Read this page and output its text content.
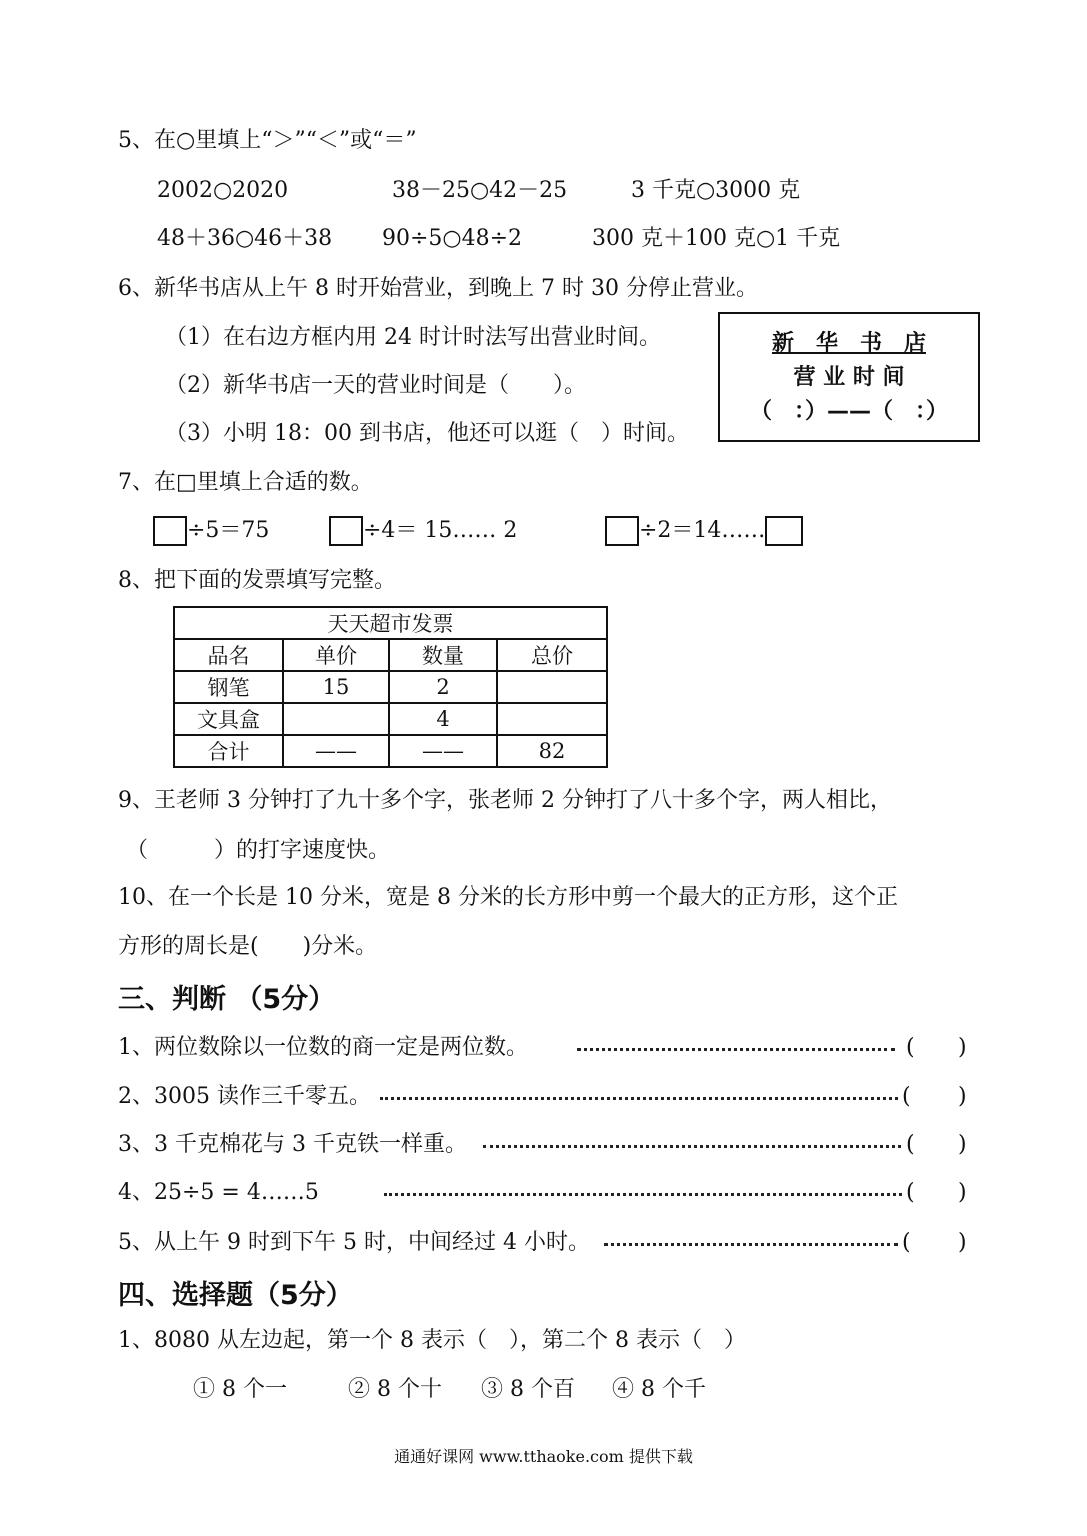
5、在○里填上“＞”“＜”或“＝”
2002○2020	38－25○42－25	3 千克○3000 克
48＋36○46＋38 90÷5○48÷2	300 克＋100 克○1 千克
6、新华书店从上午 8 时开始营业，到晚上 7 时 30 分停止营业。
（1）在右边方框内用 24 时计时法写出营业时间。
（2）新华书店一天的营业时间是（　　）。
（3）小明 18：00 到书店，他还可以逛（　）时间。
新　华　书　店
营 业 时 间
（　：）——（　：）
7、在□里填上合适的数。
÷5＝75	÷4＝ 15…… 2	÷2＝14……
8、把下面的发票填写完整。
天天超市发票			
品名	单价	数量	总价
钢笔	15	2	
文具盒		4	
合计	——	——	82
9、王老师 3 分钟打了九十多个字，张老师 2 分钟打了八十多个字，两人相比，
（　　　）的打字速度快。
10、在一个长是 10 分米，宽是 8 分米的长方形中剪一个最大的正方形，这个正
方形的周长是(　　)分米。
三、判断 （5分）
1、两位数除以一位数的商一定是两位数。	( )
2、3005 读作三千零五。	( )
3、3 千克棉花与 3 千克铁一样重。	( )
4、25÷5 = 4……5	( )
5、从上午 9 时到下午 5 时，中间经过 4 小时。	( )
四、选择题（5分）
1、8080 从左边起，第一个 8 表示（　），第二个 8 表示（　）
① 8 个一	② 8 个十 ③ 8 个百 ④ 8 个千
通通好课网 www.tthaoke.com 提供下载
